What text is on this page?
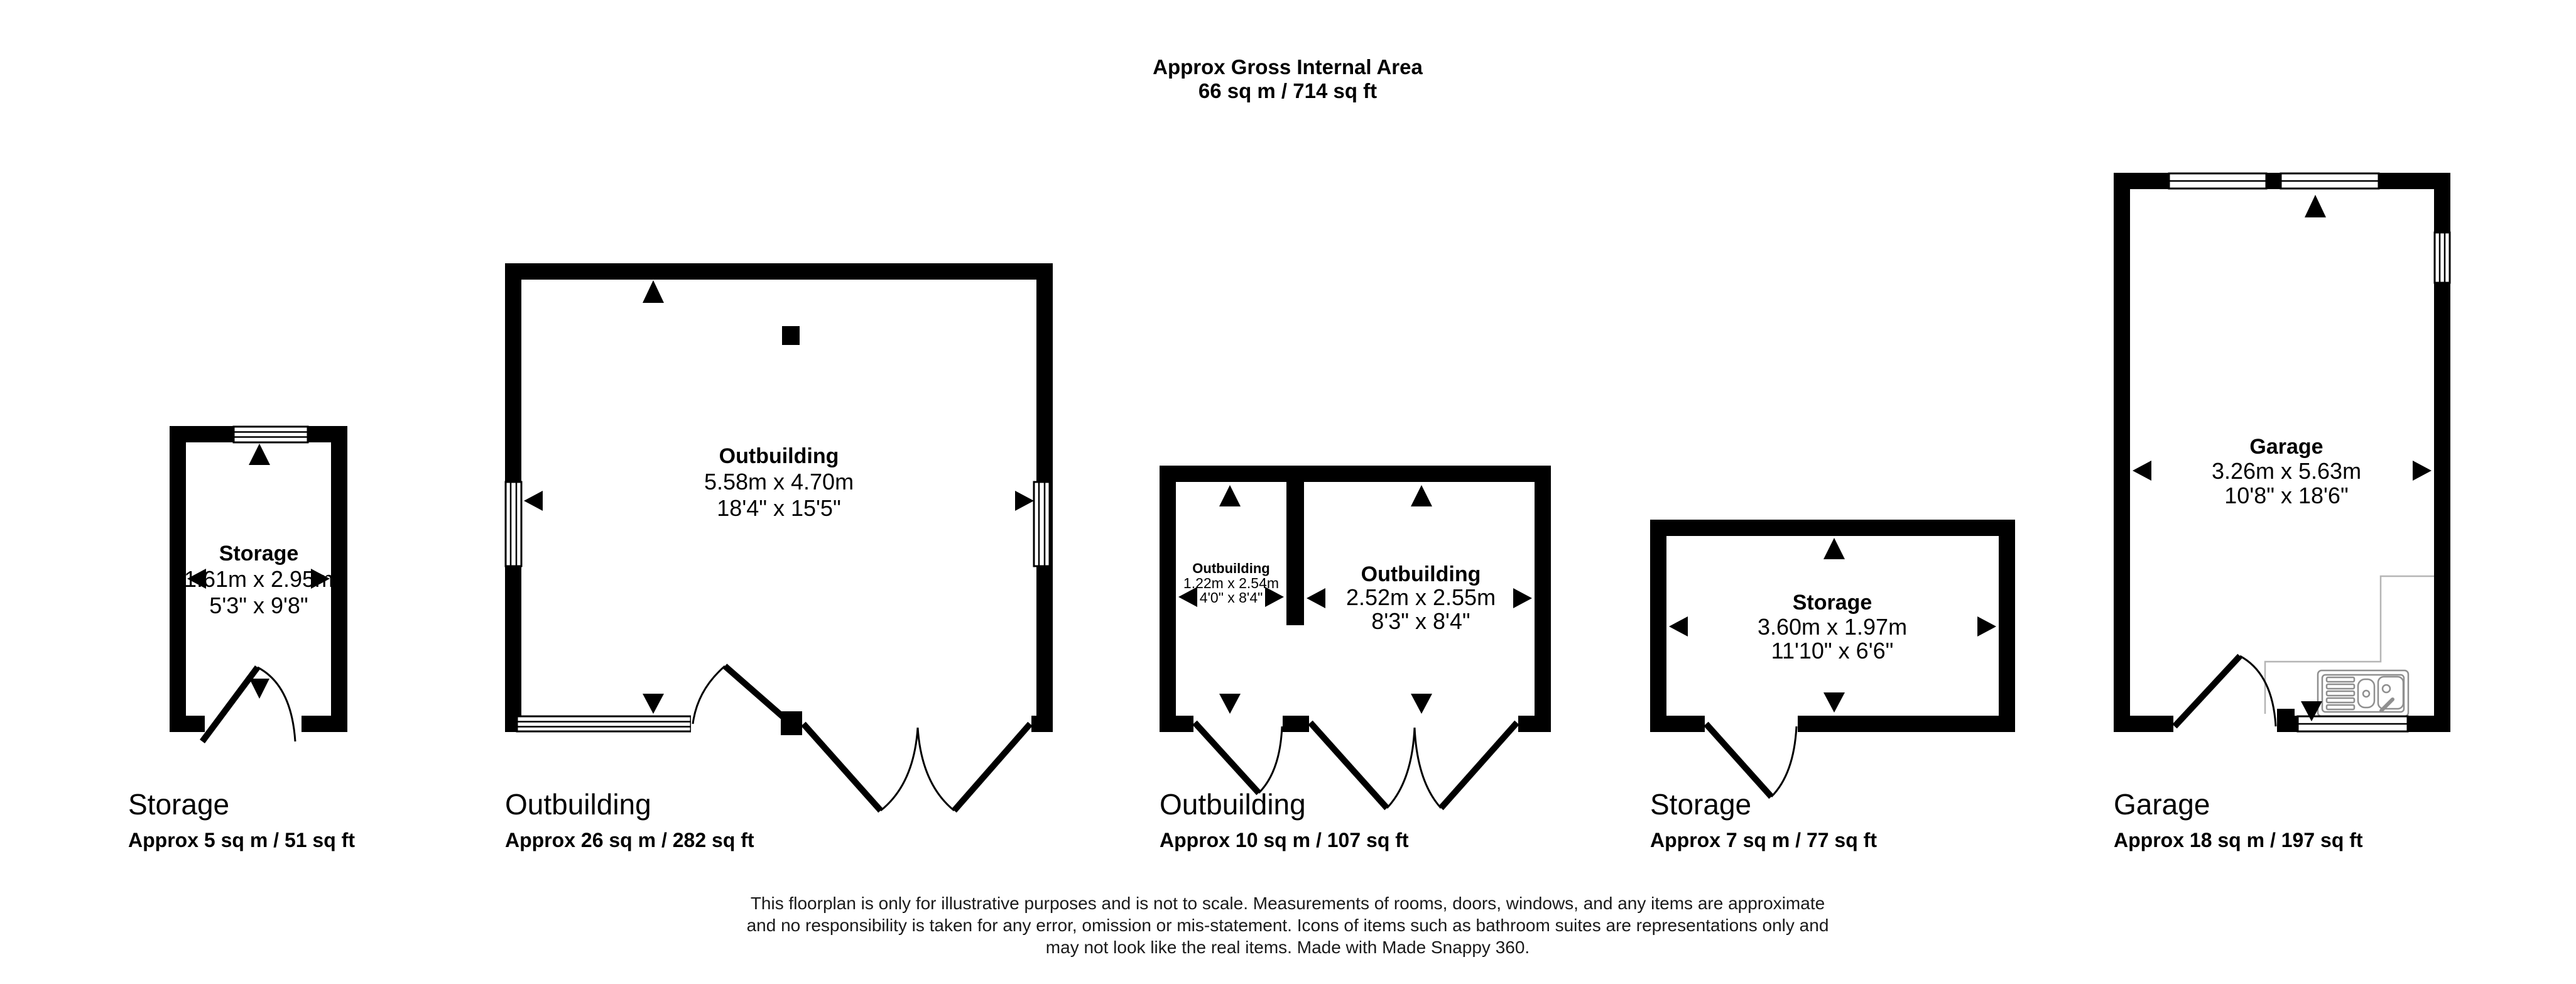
Approx Gross Internal Area
66 sq m / 714 sq ft
Storage
1.61m x 2.95m
5'3" x 9'8"
Outbuilding
5.58m x 4.70m
18'4" x 15'5"
Outbuilding
1.22m x 2.54m
4'0" x 8'4"
Outbuilding
2.52m x 2.55m
8'3" x 8'4"
Storage
3.60m x 1.97m
11'10" x 6'6"
Garage
3.26m x 5.63m
10'8" x 18'6"
Storage
Approx 5 sq m / 51 sq ft
Outbuilding
Approx 26 sq m / 282 sq ft
Outbuilding
Approx 10 sq m / 107 sq ft
Storage
Approx 7 sq m / 77 sq ft
Garage
Approx 18 sq m / 197 sq ft
This floorplan is only for illustrative purposes and is not to scale. Measurements of rooms, doors, windows, and any items are approximate
and no responsibility is taken for any error, omission or mis-statement. Icons of items such as bathroom suites are representations only and
may not look like the real items. Made with Made Snappy 360.
